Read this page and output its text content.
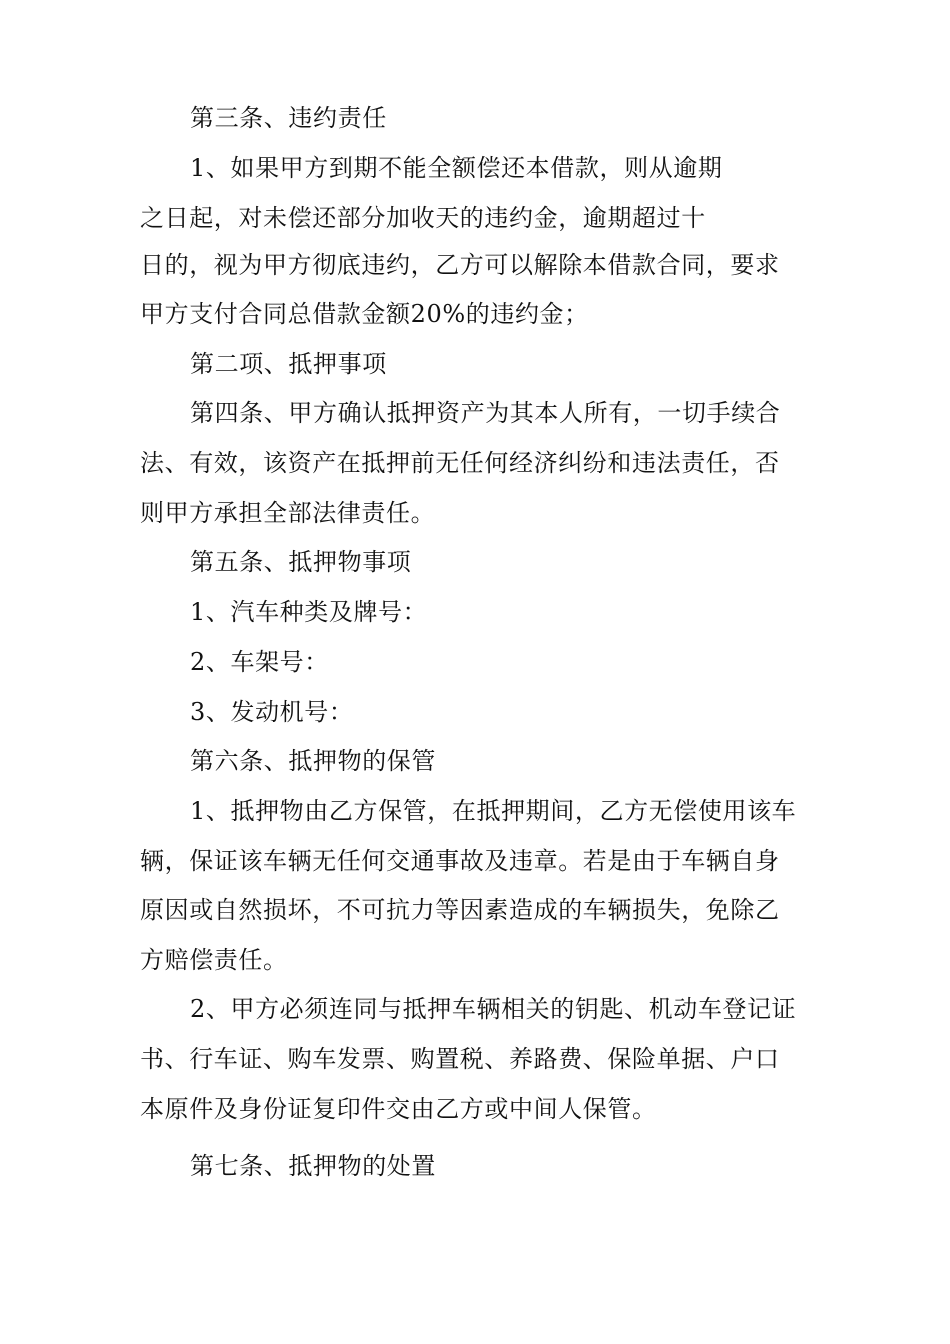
第三条、违约责任
1、如果甲方到期不能全额偿还本借款，则从逾期
之日起，对未偿还部分加收天的违约金，逾期超过十
日的，视为甲方彻底违约，乙方可以解除本借款合同，要求
甲方支付合同总借款金额20%的违约金；
第二项、抵押事项
第四条、甲方确认抵押资产为其本人所有，一切手续合
法、有效，该资产在抵押前无任何经济纠纷和违法责任，否
则甲方承担全部法律责任。
第五条、抵押物事项
1、汽车种类及牌号：
2、车架号：
3、发动机号：
第六条、抵押物的保管
1、抵押物由乙方保管，在抵押期间，乙方无偿使用该车
辆，保证该车辆无任何交通事故及违章。若是由于车辆自身
原因或自然损坏，不可抗力等因素造成的车辆损失，免除乙
方赔偿责任。
2、甲方必须连同与抵押车辆相关的钥匙、机动车登记证
书、行车证、购车发票、购置税、养路费、保险单据、户口
本原件及身份证复印件交由乙方或中间人保管。
第七条、抵押物的处置
